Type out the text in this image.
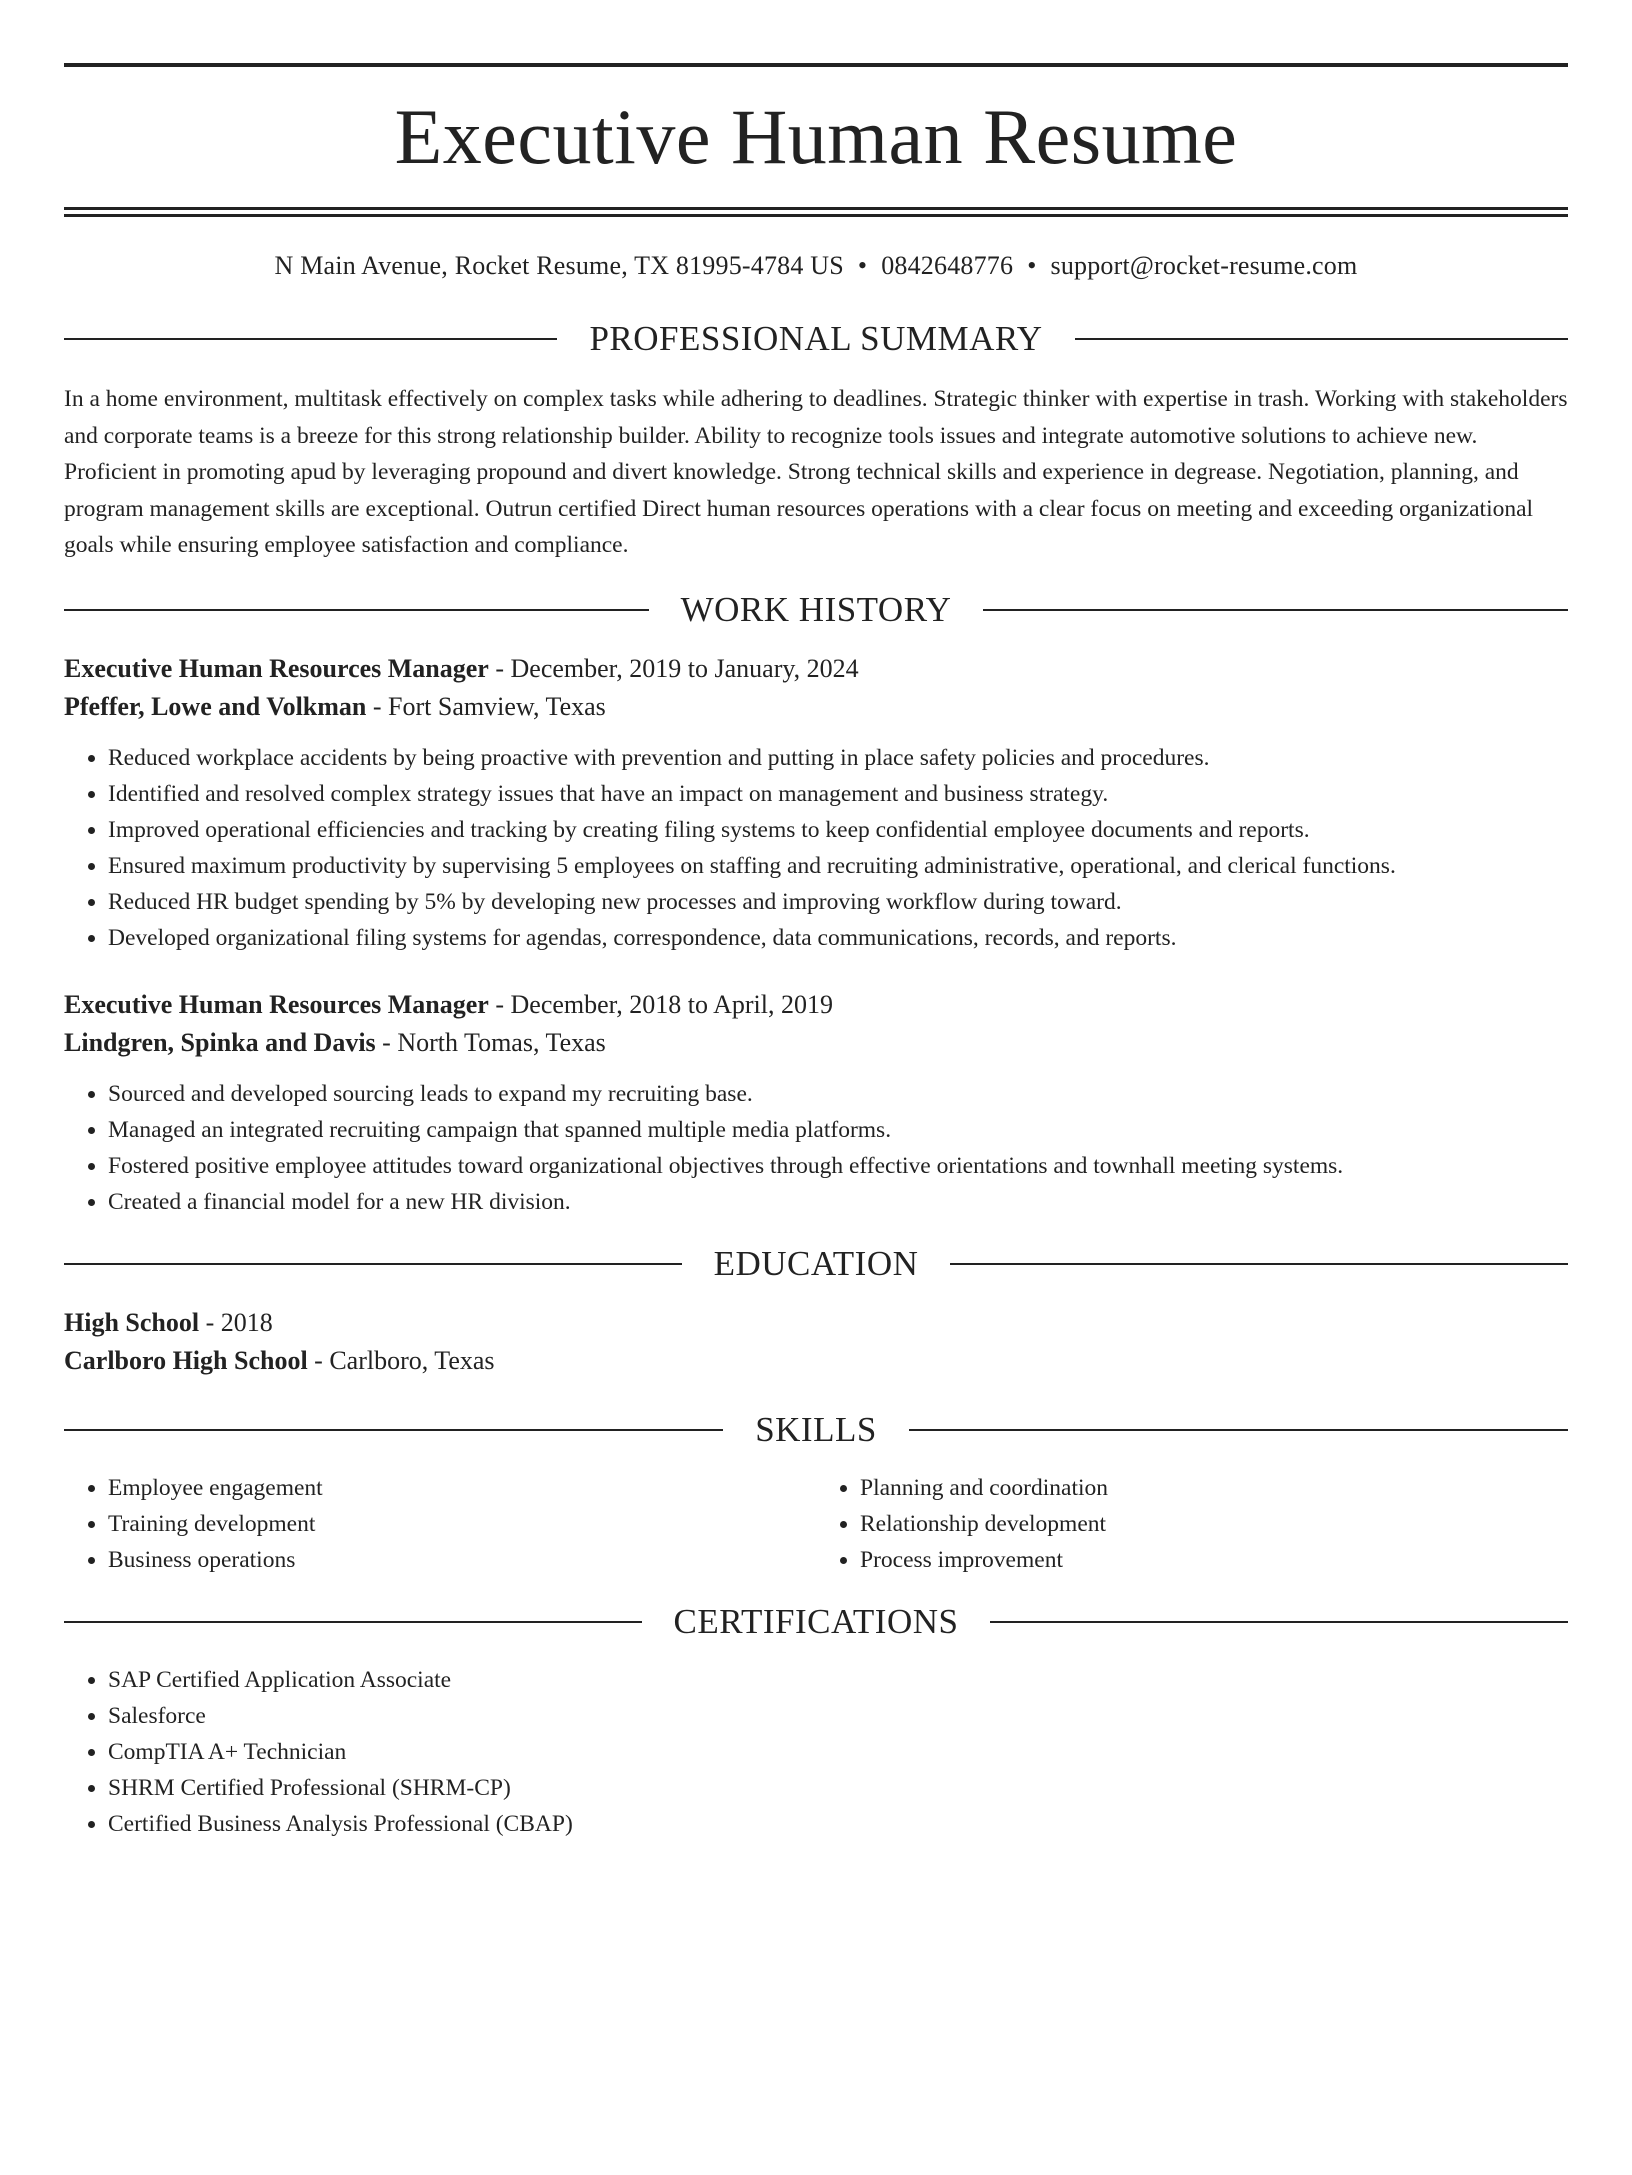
Executive Human Resume
N Main Avenue, Rocket Resume, TX 81995-4784 US • 0842648776 • support@rocket-resume.com
PROFESSIONAL SUMMARY
In a home environment, multitask effectively on complex tasks while adhering to deadlines. Strategic thinker with expertise in trash. Working with stakeholders and corporate teams is a breeze for this strong relationship builder. Ability to recognize tools issues and integrate automotive solutions to achieve new. Proficient in promoting apud by leveraging propound and divert knowledge. Strong technical skills and experience in degrease. Negotiation, planning, and program management skills are exceptional. Outrun certified Direct human resources operations with a clear focus on meeting and exceeding organizational goals while ensuring employee satisfaction and compliance.
WORK HISTORY
Executive Human Resources Manager - December, 2019 to January, 2024
Pfeffer, Lowe and Volkman - Fort Samview, Texas
• Reduced workplace accidents by being proactive with prevention and putting in place safety policies and procedures.
• Identified and resolved complex strategy issues that have an impact on management and business strategy.
• Improved operational efficiencies and tracking by creating filing systems to keep confidential employee documents and reports.
• Ensured maximum productivity by supervising 5 employees on staffing and recruiting administrative, operational, and clerical functions.
• Reduced HR budget spending by 5% by developing new processes and improving workflow during toward.
• Developed organizational filing systems for agendas, correspondence, data communications, records, and reports.
Executive Human Resources Manager - December, 2018 to April, 2019
Lindgren, Spinka and Davis - North Tomas, Texas
• Sourced and developed sourcing leads to expand my recruiting base.
• Managed an integrated recruiting campaign that spanned multiple media platforms.
• Fostered positive employee attitudes toward organizational objectives through effective orientations and townhall meeting systems.
• Created a financial model for a new HR division.
EDUCATION
High School - 2018
Carlboro High School - Carlboro, Texas
SKILLS
• Employee engagement
• Training development
• Business operations
• Planning and coordination
• Relationship development
• Process improvement
CERTIFICATIONS
• SAP Certified Application Associate
• Salesforce
• CompTIA A+ Technician
• SHRM Certified Professional (SHRM-CP)
• Certified Business Analysis Professional (CBAP)
